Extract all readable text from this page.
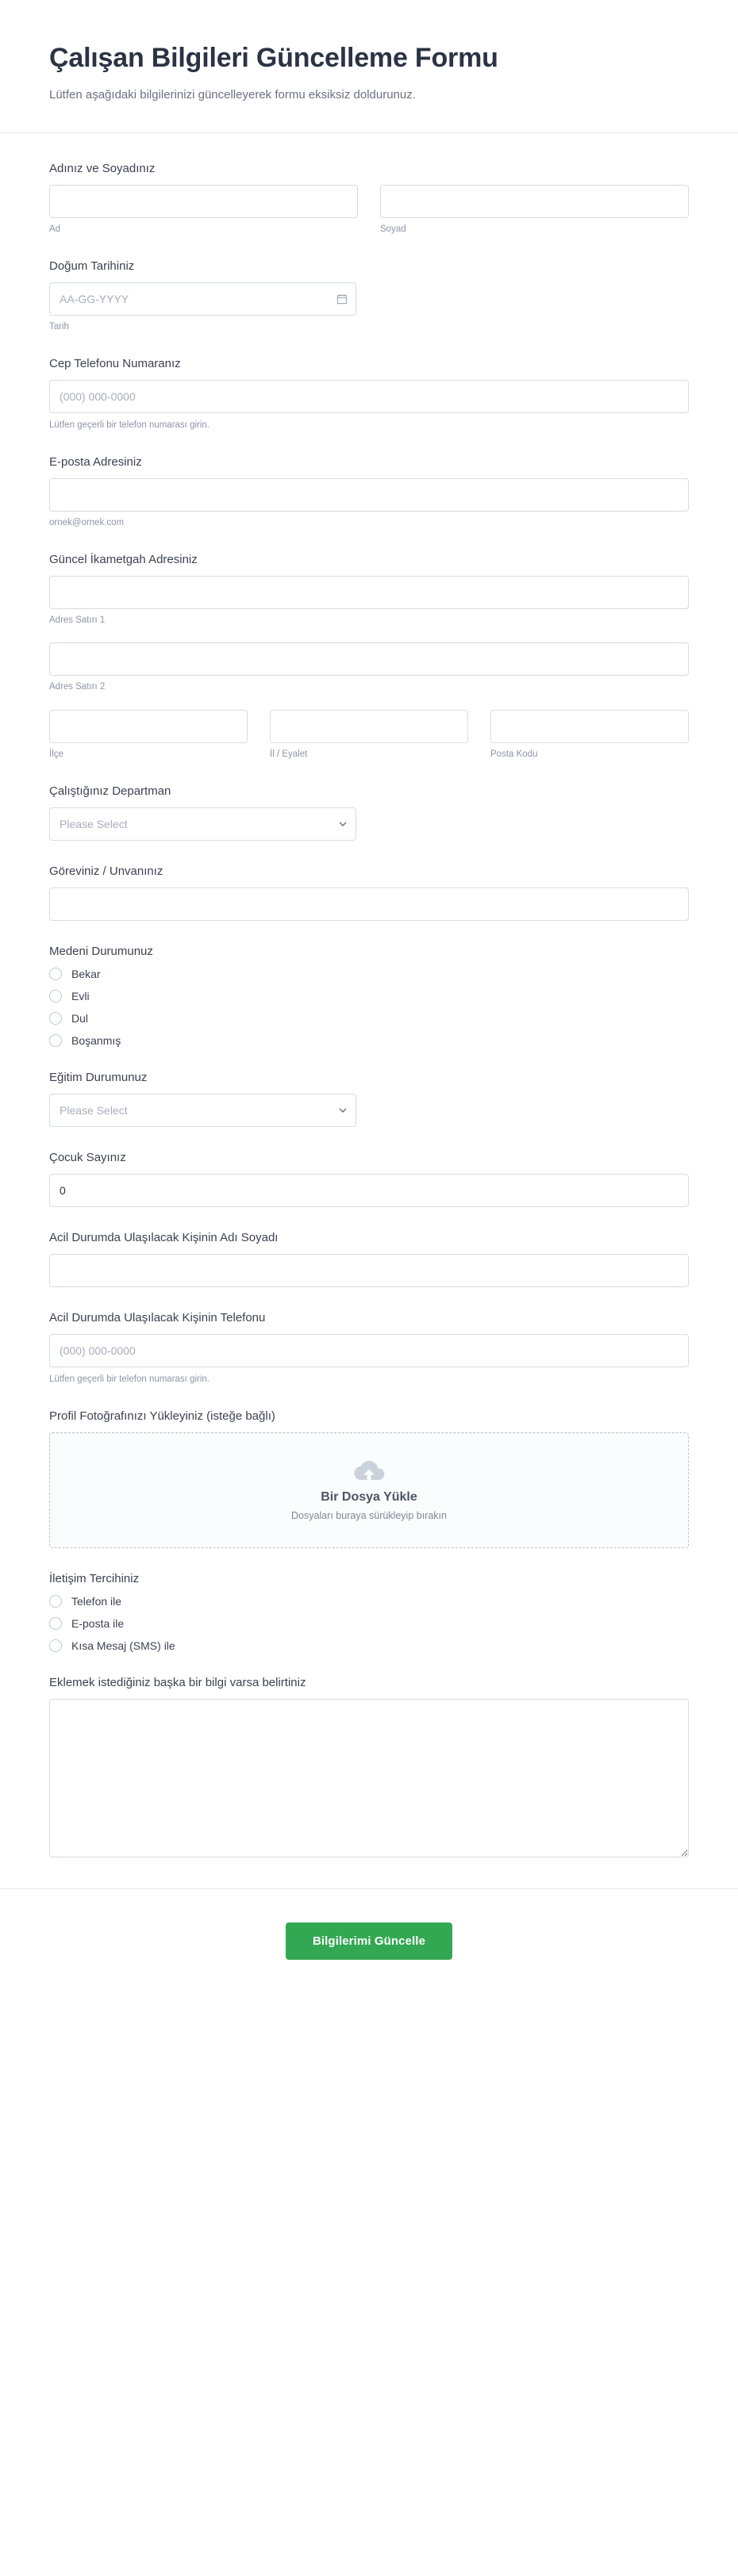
Çalışan Bilgileri Güncelleme Formu

Lütfen aşağıdaki bilgilerinizi güncelleyerek formu eksiksiz doldurunuz.

Adınız ve Soyadınız
Ad	Soyad
Doğum Tarihiniz
AA-GG-YYYY
Tarih
Cep Telefonu Numaranız
(000) 000-0000
Lütfen geçerli bir telefon numarası girin.
E-posta Adresiniz
ornek@ornek.com
Güncel İkametgah Adresiniz
Adres Satırı 1
Adres Satırı 2
İlçe	İl / Eyalet	Posta Kodu
Çalıştığınız Departman
Please Select
Göreviniz / Unvanınız
Medeni Durumunuz
Bekar
Evli
Dul
Boşanmış
Eğitim Durumunuz
Please Select
Çocuk Sayınız
0
Acil Durumda Ulaşılacak Kişinin Adı Soyadı
Acil Durumda Ulaşılacak Kişinin Telefonu
(000) 000-0000
Lütfen geçerli bir telefon numarası girin.
Profil Fotoğrafınızı Yükleyiniz (isteğe bağlı)
Bir Dosya Yükle
Dosyaları buraya sürükleyip bırakın
İletişim Tercihiniz
Telefon ile
E-posta ile
Kısa Mesaj (SMS) ile
Eklemek istediğiniz başka bir bilgi varsa belirtiniz
Bilgilerimi Güncelle
